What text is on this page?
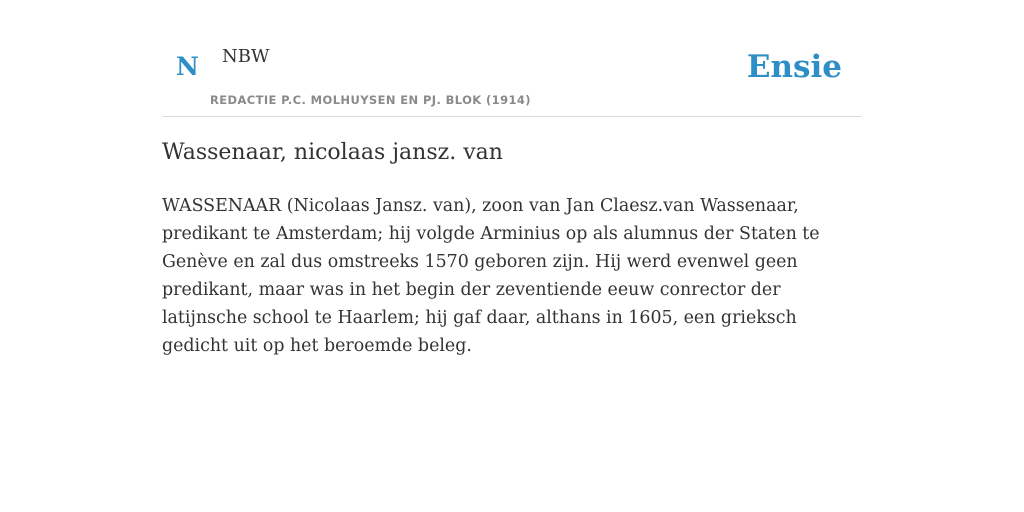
N NBW
REDACTIE P.C. MOLHUYSEN EN PJ. BLOK (1914)
Ensie
Wassenaar, nicolaas jansz. van

WASSENAAR (Nicolaas Jansz. van), zoon van Jan Claesz.van Wassenaar, predikant te Amsterdam; hij volgde Arminius op als alumnus der Staten te Genève en zal dus omstreeks 1570 geboren zijn. Hij werd evenwel geen predikant, maar was in het begin der zeventiende eeuw conrector der latijnsche school te Haarlem; hij gaf daar, althans in 1605, een grieksch gedicht uit op het beroemde beleg.
